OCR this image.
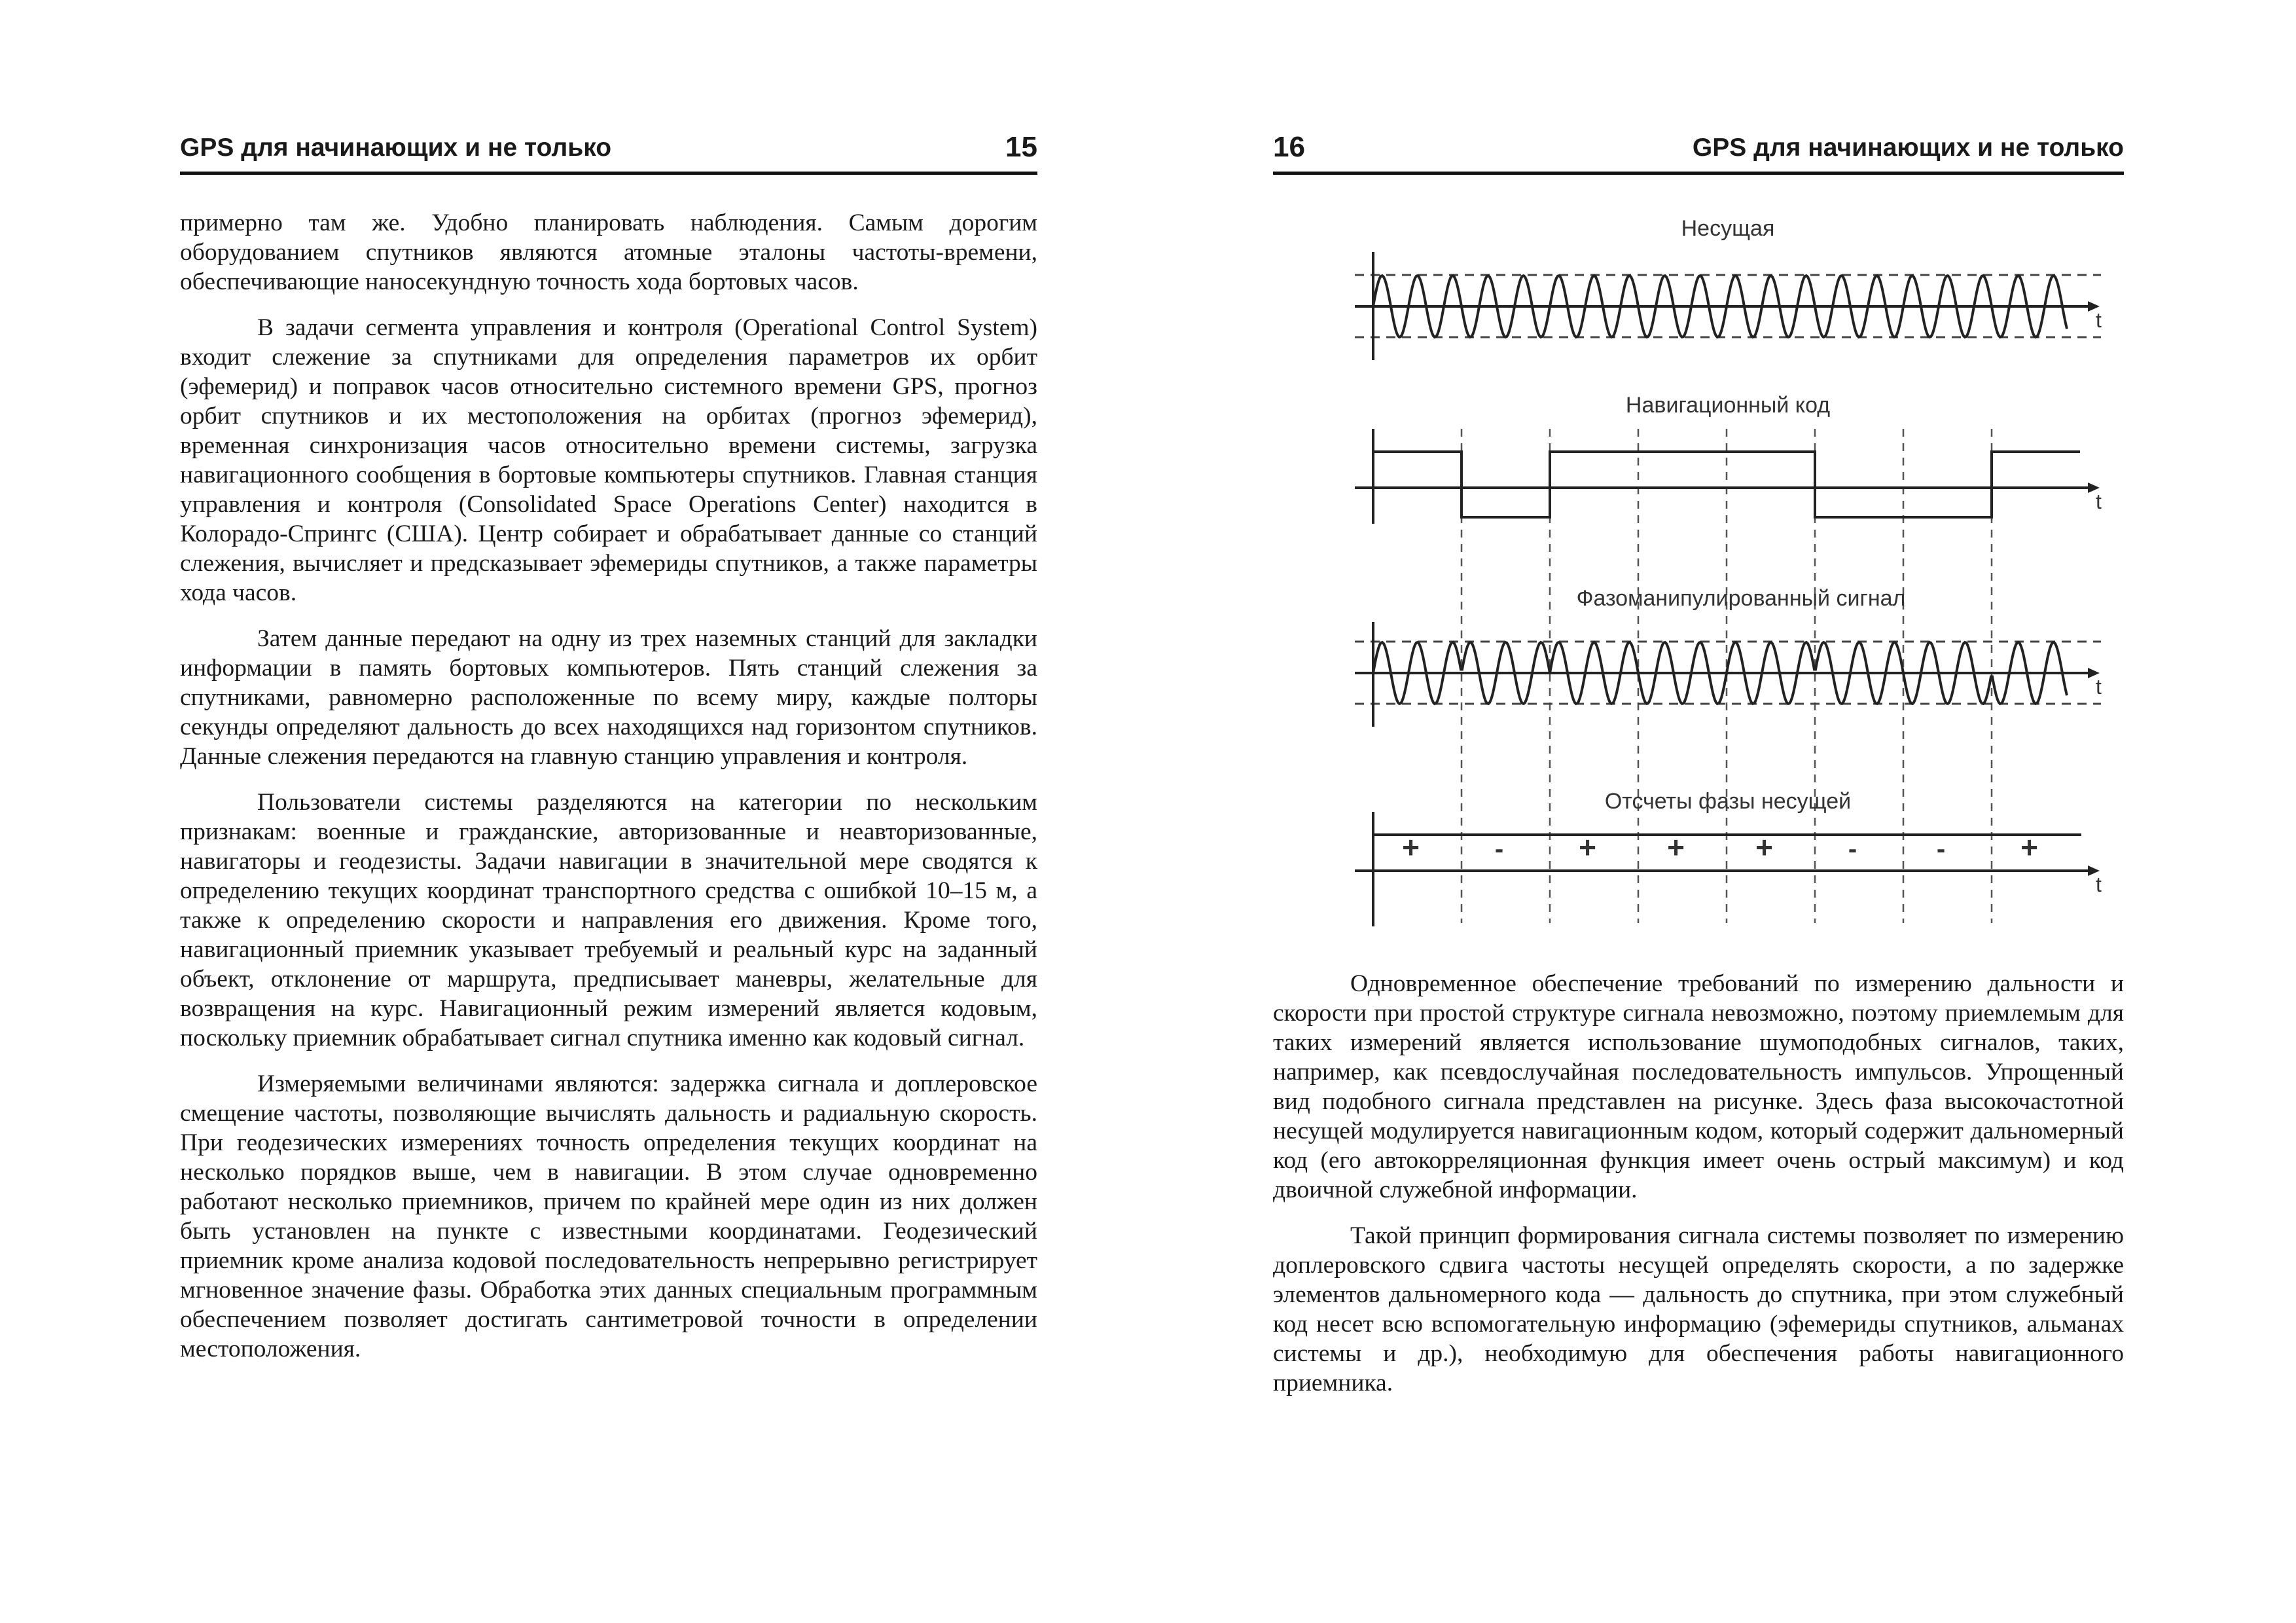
GPS для начинающих и не только	15

примерно там же. Удобно планировать наблюдения. Самым дорогим оборудованием спутников являются атомные эталоны частоты-времени, обеспечивающие наносекундную точность хода бортовых часов.

В задачи сегмента управления и контроля (Operational Control System) входит слежение за спутниками для определения параметров их орбит (эфемерид) и поправок часов относительно системного времени GPS, прогноз орбит спутников и их местоположения на орбитах (прогноз эфемерид), временная синхронизация часов относительно времени системы, загрузка навигационного сообщения в бортовые компьютеры спутников. Главная станция управления и контроля (Consolidated Space Operations Center) находится в Колорадо-Спрингс (США). Центр собирает и обрабатывает данные со станций слежения, вычисляет и предсказывает эфемериды спутников, а также параметры хода часов.

Затем данные передают на одну из трех наземных станций для закладки информации в память бортовых компьютеров. Пять станций слежения за спутниками, равномерно расположенные по всему миру, каждые полторы секунды определяют дальность до всех находящихся над горизонтом спутников. Данные слежения передаются на главную станцию управления и контроля.

Пользователи системы разделяются на категории по нескольким признакам: военные и гражданские, авторизованные и неавторизованные, навигаторы и геодезисты. Задачи навигации в значительной мере сводятся к определению текущих координат транспортного средства с ошибкой 10–15 м, а также к определению скорости и направления его движения. Кроме того, навигационный приемник указывает требуемый и реальный курс на заданный объект, отклонение от маршрута, предписывает маневры, желательные для возвращения на курс. Навигационный режим измерений является кодовым, поскольку приемник обрабатывает сигнал спутника именно как кодовый сигнал.

Измеряемыми величинами являются: задержка сигнала и доплеровское смещение частоты, позволяющие вычислять дальность и радиальную скорость. При геодезических измерениях точность определения текущих координат на несколько порядков выше, чем в навигации. В этом случае одновременно работают несколько приемников, причем по крайней мере один из них должен быть установлен на пункте с известными координатами. Геодезический приемник кроме анализа кодовой последовательность непрерывно регистрирует мгновенное значение фазы. Обработка этих данных специальным программным обеспечением позволяет достигать сантиметровой точности в определении местоположения.

16	GPS для начинающих и не только
Несущая
t
Навигационный код
t
Фазоманипулированный сигнал
t
Отсчеты фазы несущей
t
+	- + + +	-	- +

Одновременное обеспечение требований по измерению дальности и скорости при простой структуре сигнала невозможно, поэтому приемлемым для таких измерений является использование шумоподобных сигналов, таких, например, как псевдослучайная последовательность импульсов. Упрощенный вид подобного сигнала представлен на рисунке. Здесь фаза высокочастотной несущей модулируется навигационным кодом, который содержит дальномерный код (его автокорреляционная функция имеет очень острый максимум) и код двоичной служебной информации.

Такой принцип формирования сигнала системы позволяет по измерению доплеровского сдвига частоты несущей определять скорости, а по задержке элементов дальномерного кода — дальность до спутника, при этом служебный код несет всю вспомогательную информацию (эфемериды спутников, альманах системы и др.), необходимую для обеспечения работы навигационного приемника.
